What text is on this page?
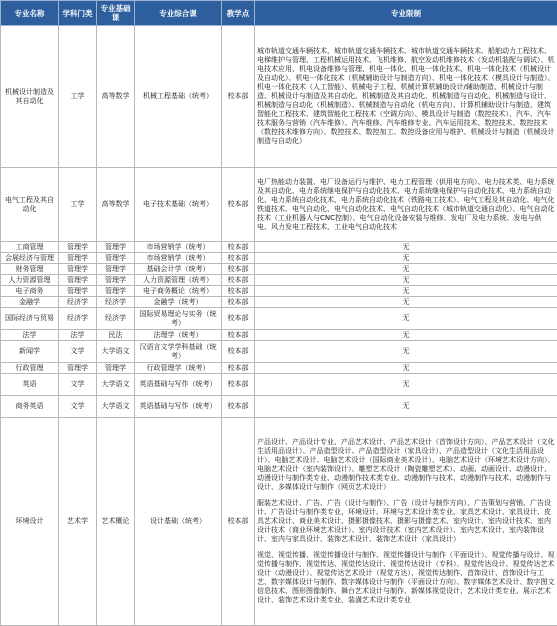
专业名称	学科门类	专业基础课	专业综合课	教学点	专业限制
机械设计制造及其自动化	工学	高等数学	机械工程基础（统考）	校本部	城市轨道交通车辆技术、城市轨道交通车辆技术、城市轨道交通车辆技术、船舶动力工程技术、电梯维护与管理、工程机械运用技术、飞机维修、航空发动机维修技术（发动机装配与调试）、机电技术应用、机电设备维修与管理、机电一体化、机电一体化技术、机电一体化技术（机械设计及自动化）、机电一体化技术（机械辅助设计与制造方向）、机电一体化技术（模具设计与制造）、机电一体化技术（人工智能）、机械电子工程、机械计算机辅助设计/辅助制造、机械设计与制造、机械设计与制造及其自动化、机械制造及其自动化、机械制造与自动化、机械制造与设计、机械制造与自动化（机械制造）、机械制造与自动化（机电方向）、计算机辅助设计与制造、建筑智能化工程技术、建筑智能化工程技术（空调方向）、模具设计与制造（数控技术）、汽车、汽车技术服务与营销（汽车维修）、汽车维修、汽车维修专业、汽车运用技术、数控技术、数控技术（数控技术维修方向）、数控技术、数控加工、数控设备应用与维护、机械设计与制造（机械设计制造与自动化）
电气工程及其自动化	工学	高等数学	电子技术基础（统考）	校本部	电厂热能动力装置、电厂设备运行与维护、电力工程管理（供用电方向）、电力技术类、电力系统及其自动化、电力系统继电保护与自动化技术、电力系统继电保护与自动化技术、电力系统自动化、电力系统自动化技术、电力系统自动化技术（铁路电工技术）、电气工程及其自动化、电气化铁道技术、电气自动化、电气自动化技术、电气自动化技术（城市轨道交通自动化）、电气自动化技术（工业机器人与CNC控制）、电气自动化设备安装与维修、发电厂及电力系统、发电与供电、风力发电工程技术、工业电气自动化技术
工商管理	管理学	管理学	市场营销学（统考）	校本部	无
会展经济与管理	管理学	管理学	市场营销学（统考）	校本部	无
财务管理	管理学	管理学	基础会计学（统考）	校本部	无
人力资源管理	管理学	管理学	人力资源管理（统考）	校本部	无
电子商务	管理学	管理学	电子商务概论（统考）	校本部	无
金融学	经济学	经济学	金融学（统考）	校本部	无
国际经济与贸易	经济学	经济学	国际贸易理论与实务（统考）	校本部	无
法学	法学	民法	法理学（统考）	校本部	无
新闻学	文学	大学语文	汉语言文学学科基础（统考）	校本部	无
行政管理	管理学	管理学	行政管理学（统考）	校本部	无
英语	文学	大学语文	英语基础与写作（统考）	校本部	无
商务英语	文学	大学语文	英语基础与写作（统考）	校本部	无
环境设计	艺术学	艺术概论	设计基础（统考）	校本部	产品设计、产品设计专业、产品艺术设计、产品艺术设计（首饰设计方向）、产品艺术设计（文化生活用品设计）、产品造型设计、产品造型设计（家具设计）、产品造型设计（文化生活用品设计）、电脑艺术设计、电脑艺术设计（国际商业美术设计）、电脑艺术设计（环境艺术设计方向）、电脑艺术设计（室内装饰设计）、雕塑艺术设计（陶瓷雕塑艺术）、动画、动画设计、动漫设计、动漫设计与制作类专业、动漫制作技术类专业、动漫制作与技术、动漫制作与技术、动漫制作与设计、多媒体设计与制作（网页艺术设计）
服装艺术设计、广告、广告（设计与制作）、广告（设计与制作方向）、广告策划与营销、广告设计、广告设计与制作类专业、环境设计、环境与艺术设计类专业、家具艺术设计、家具设计、皮具艺术设计、商业美术设计、摄影摄像技术、摄影与摄像艺术、室内设计、室内设计技术、室内设计技术（商业环境艺术设计）、室内设计技术（室内艺术设计）、室内艺术设计、室内装饰设计、室内与家具设计、装饰艺术设计、装饰艺术设计（家具设计）
视觉、视觉传播、视觉传播设计与制作、视觉传播设计与制作（平面设计）、视觉传播与设计、视觉传播与制作、视觉传达、视觉传达设计、视觉传达设计（专科）、视觉传达设计、视觉传达艺术设计（动漫设计）、视觉传达艺术设计（视觉方达）、视觉传达制作、首饰设计、首饰设计与工艺、数字媒体设计与制作、数字媒体设计与制作（平面设计方向）、数字媒体艺术设计、数字图文信息技术、图形图像制作、舞台艺术设计与制作、新媒体视觉设计、艺术设计类专业、展示艺术设计、装饰艺术设计类专业、装潢艺术设计类专业
